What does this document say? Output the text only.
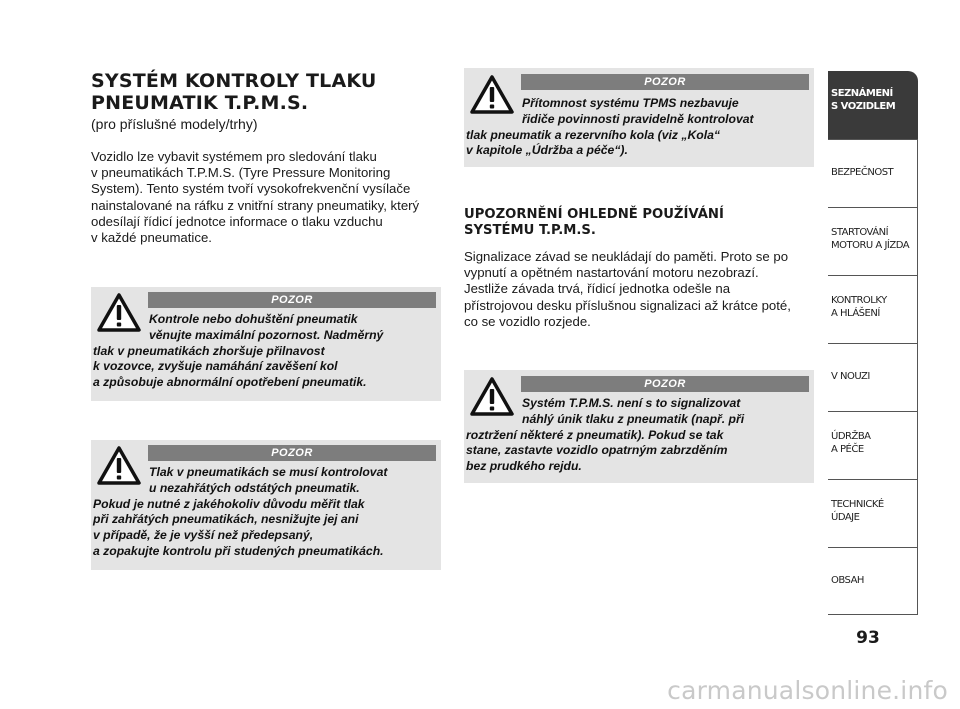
SYSTÉM KONTROLY TLAKU
PNEUMATIK T.P.M.S.

(pro příslušné modely/trhy)

Vozidlo lze vybavit systémem pro sledování tlaku
v pneumatikách T.P.M.S. (Tyre Pressure Monitoring
System). Tento systém tvoří vysokofrekvenční vysílače
nainstalované na ráfku z vnitřní strany pneumatiky, který
odesílají řídicí jednotce informace o tlaku vzduchu
v každé pneumatice.

POZOR

Kontrole nebo dohuštění pneumatik
věnujte maximální pozornost. Nadměrný
tlak v pneumatikách zhoršuje přilnavost
k vozovce, zvyšuje namáhání zavěšení kol
a způsobuje abnormální opotřebení pneumatik.

POZOR

Tlak v pneumatikách se musí kontrolovat
u nezahřátých odstátých pneumatik.
Pokud je nutné z jakéhokoliv důvodu měřit tlak
při zahřátých pneumatikách, nesnižujte jej ani
v případě, že je vyšší než předepsaný,
a zopakujte kontrolu při studených pneumatikách.

POZOR

Přítomnost systému TPMS nezbavuje
řidiče povinnosti pravidelně kontrolovat
tlak pneumatik a rezervního kola (viz „Kola“
v kapitole „Údržba a péče“).

UPOZORNĚNÍ OHLEDNĚ POUŽÍVÁNÍ
SYSTÉMU T.P.M.S.

Signalizace závad se neukládají do paměti. Proto se po
vypnutí a opětném nastartování motoru nezobrazí.
Jestliže závada trvá, řídicí jednotka odešle na
přístrojovou desku příslušnou signalizaci až krátce poté,
co se vozidlo rozjede.

POZOR

Systém T.P.M.S. není s to signalizovat
náhlý únik tlaku z pneumatik (např. při
roztržení některé z pneumatik). Pokud se tak
stane, zastavte vozidlo opatrným zabrzděním
bez prudkého rejdu.

SEZNÁMENÍ
S VOZIDLEM
BEZPEČNOST

STARTOVÁNÍ
MOTORU A JÍZDA
KONTROLKY
A HLÁŠENÍ
V NOUZI

ÚDRŽBA
A PÉČE
TECHNICKÉ
ÚDAJE
OBSAH

93

carmanualsonline.info
